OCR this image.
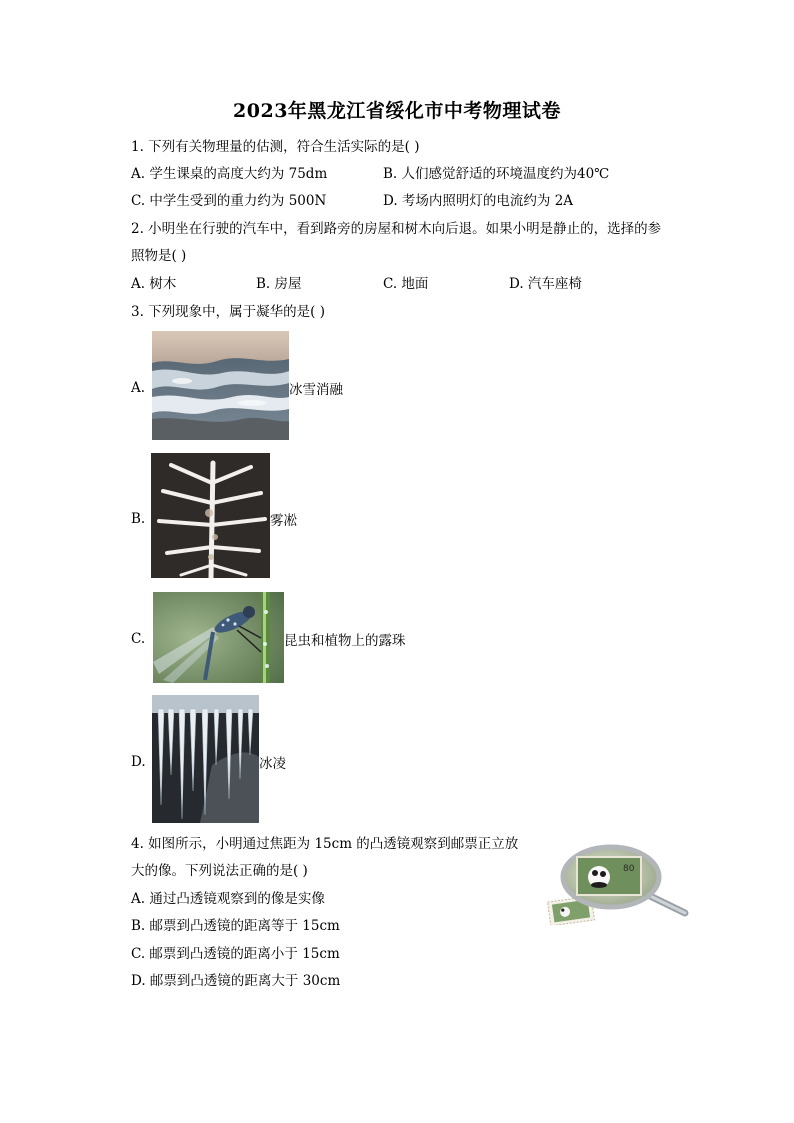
2023年黑龙江省绥化市中考物理试卷
1. 下列有关物理量的估测，符合生活实际的是( )
A. 学生课桌的高度大约为 75dm	B. 人们感觉舒适的环境温度约为40℃
C. 中学生受到的重力约为 500N	D. 考场内照明灯的电流约为 2A
2. 小明坐在行驶的汽车中，看到路旁的房屋和树木向后退。如果小明是静止的，选择的参
照物是( )
A. 树木	B. 房屋	C. 地面	D. 汽车座椅
3. 下列现象中，属于凝华的是( )
A.	冰雪消融
B.	雾凇
C.	昆虫和植物上的露珠
D.	冰凌
4. 如图所示，小明通过焦距为 15cm 的凸透镜观察到邮票正立放
大的像。下列说法正确的是( )
A. 通过凸透镜观察到的像是实像
B. 邮票到凸透镜的距离等于 15cm
C. 邮票到凸透镜的距离小于 15cm
D. 邮票到凸透镜的距离大于 30cm
80
